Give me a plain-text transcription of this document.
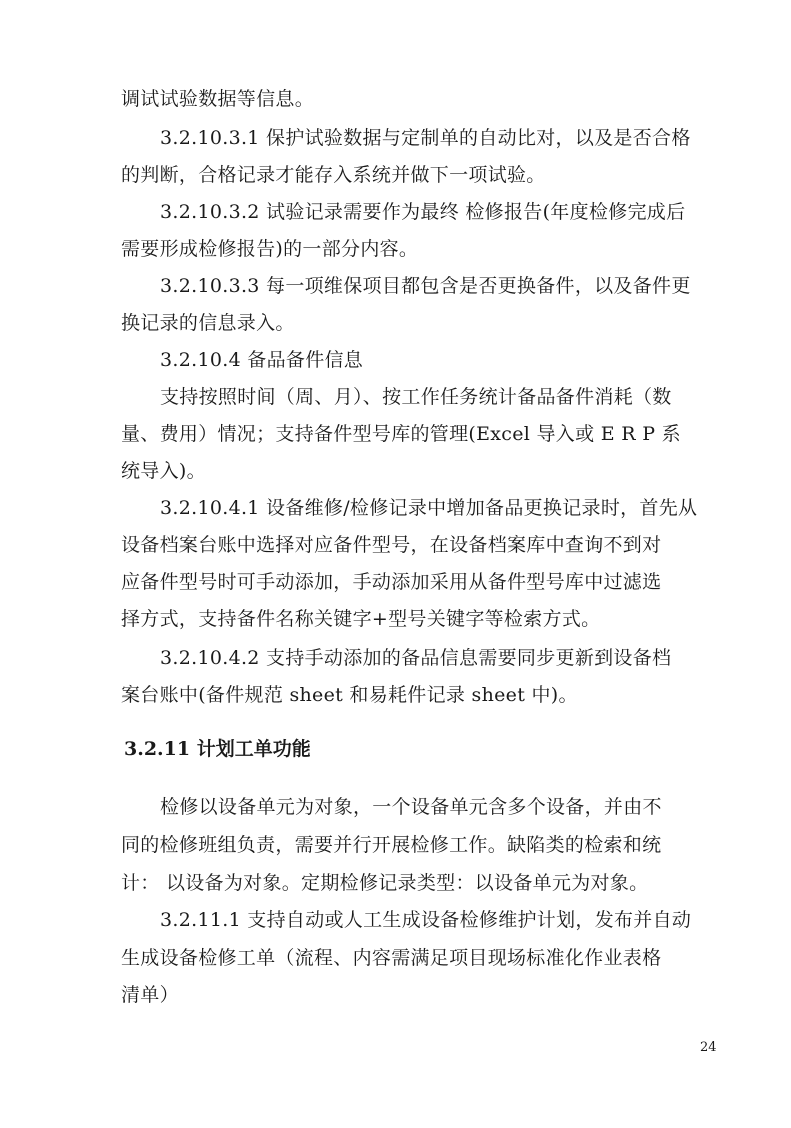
调试试验数据等信息。
3.2.10.3.1 保护试验数据与定制单的自动比对，以及是否合格
的判断，合格记录才能存入系统并做下一项试验。
3.2.10.3.2 试验记录需要作为最终 检修报告(年度检修完成后
需要形成检修报告)的一部分内容。
3.2.10.3.3 每一项维保项目都包含是否更换备件，以及备件更
换记录的信息录入。
3.2.10.4 备品备件信息
支持按照时间（周、月）、按工作任务统计备品备件消耗（数
量、费用）情况；支持备件型号库的管理(Excel 导入或 E R P 系
统导入)。
3.2.10.4.1 设备维修/检修记录中增加备品更换记录时，首先从
设备档案台账中选择对应备件型号，在设备档案库中查询不到对
应备件型号时可手动添加，手动添加采用从备件型号库中过滤选
择方式，支持备件名称关键字+型号关键字等检索方式。
3.2.10.4.2 支持手动添加的备品信息需要同步更新到设备档
案台账中(备件规范 sheet 和易耗件记录 sheet 中)。
3.2.11 计划工单功能
检修以设备单元为对象，一个设备单元含多个设备，并由不
同的检修班组负责，需要并行开展检修工作。缺陷类的检索和统
计： 以设备为对象。定期检修记录类型：以设备单元为对象。
3.2.11.1 支持自动或人工生成设备检修维护计划，发布并自动
生成设备检修工单（流程、内容需满足项目现场标准化作业表格
清单）
24
